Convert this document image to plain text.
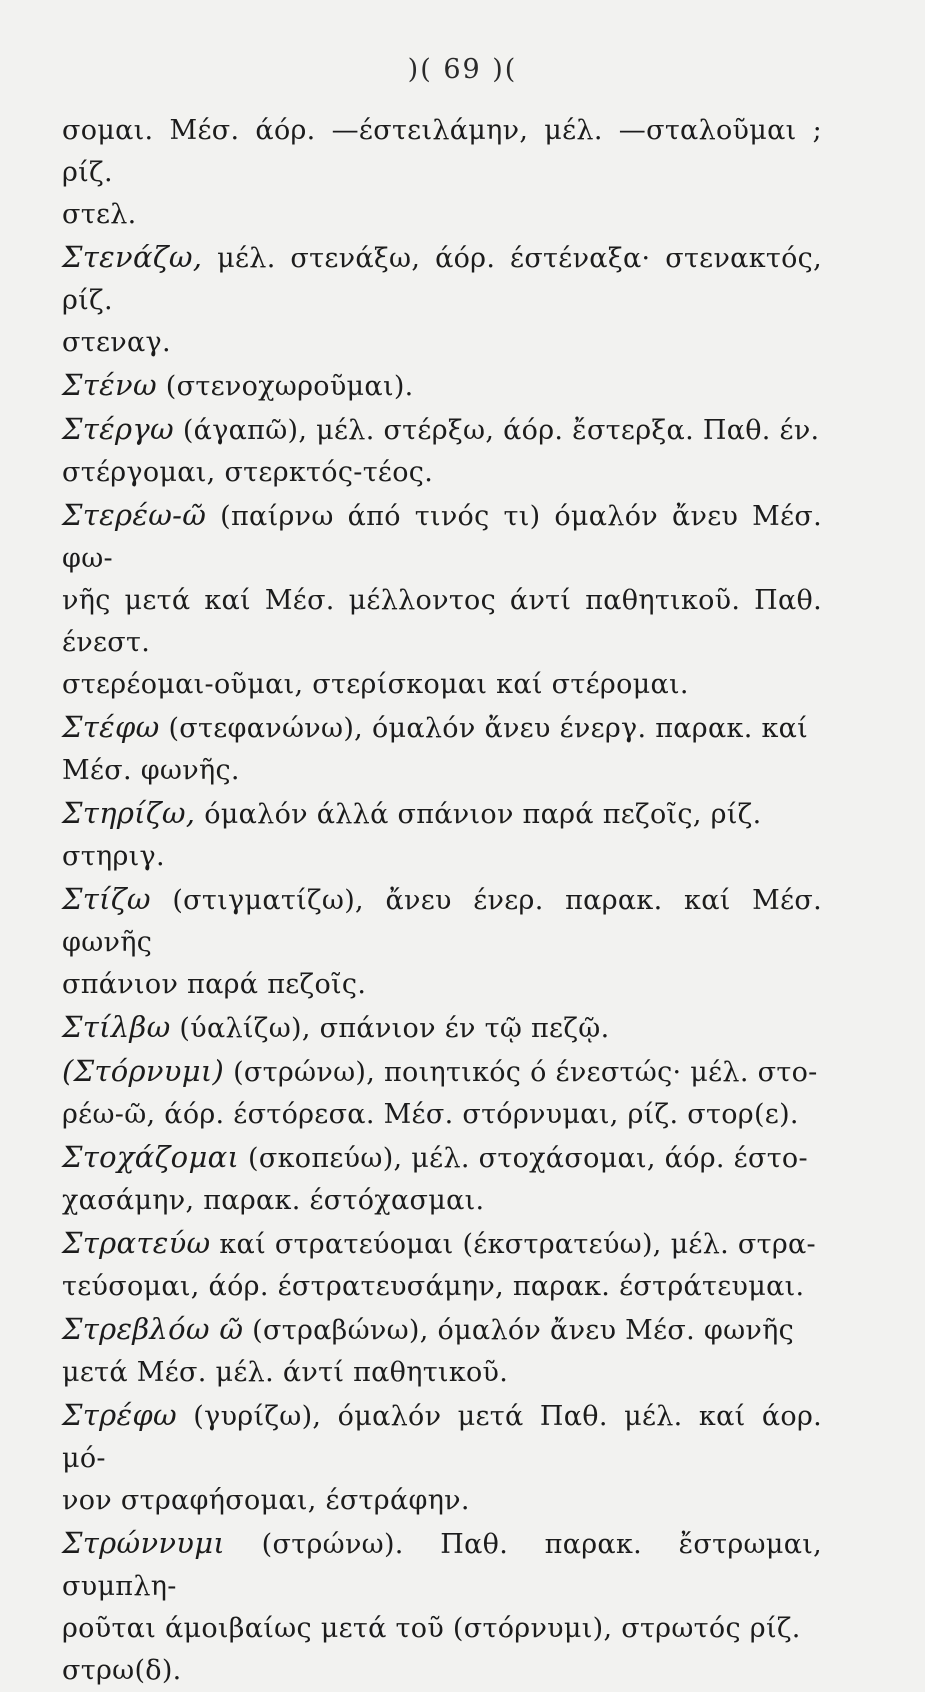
)( 69 )(

σομαι. Μέσ. άόρ. —έστειλάμην, μέλ. —σταλοῦμαι ; ρίζ.
στελ.

Στενάζω, μέλ. στενάξω, άόρ. έστέναξα· στενακτός, ρίζ.
στεναγ.

Στένω (στενοχωροῦμαι).

Στέργω (άγαπῶ), μέλ. στέρξω, άόρ. ἔστερξα. Παθ. έν.
στέργομαι, στερκτός-τέος.

Στερέω-ῶ (παίρνω άπό τινός τι) όμαλόν ἄνευ Μέσ. φω-
νῆς μετά καί Μέσ. μέλλοντος άντί παθητικοῦ. Παθ. ένεστ.
στερέομαι-οῦμαι, στερίσκομαι καί στέρομαι.

Στέφω (στεφανώνω), όμαλόν ἄνευ ένεργ. παρακ. καί
Μέσ. φωνῆς.

Στηρίζω, όμαλόν άλλά σπάνιον παρά πεζοῖς, ρίζ.
στηριγ.

Στίζω (στιγματίζω), ἄνευ ένερ. παρακ. καί Μέσ. φωνῆς
σπάνιον παρά πεζοῖς.

Στίλβω (ύαλίζω), σπάνιον έν τῷ πεζῷ.

(Στόρνυμι) (στρώνω), ποιητικός ό ένεστώς· μέλ. στο-
ρέω-ῶ, άόρ. έστόρεσα. Μέσ. στόρνυμαι, ρίζ. στορ(ε).

Στοχάζομαι (σκοπεύω), μέλ. στοχάσομαι, άόρ. έστο-
χασάμην, παρακ. έστόχασμαι.

Στρατεύω καί στρατεύομαι (έκστρατεύω), μέλ. στρα-
τεύσομαι, άόρ. έστρατευσάμην, παρακ. έστράτευμαι.

Στρεβλόω ῶ (στραβώνω), όμαλόν ἄνευ Μέσ. φωνῆς
μετά Μέσ. μέλ. άντί παθητικοῦ.

Στρέφω (γυρίζω), όμαλόν μετά Παθ. μέλ. καί άορ. μό-
νον στραφήσομαι, έστράφην.

Στρώννυμι (στρώνω). Παθ. παρακ. ἔστρωμαι, συμπλη-
ροῦται άμοιβαίως μετά τοῦ (στόρνυμι), στρωτός ρίζ.
στρω(δ).
